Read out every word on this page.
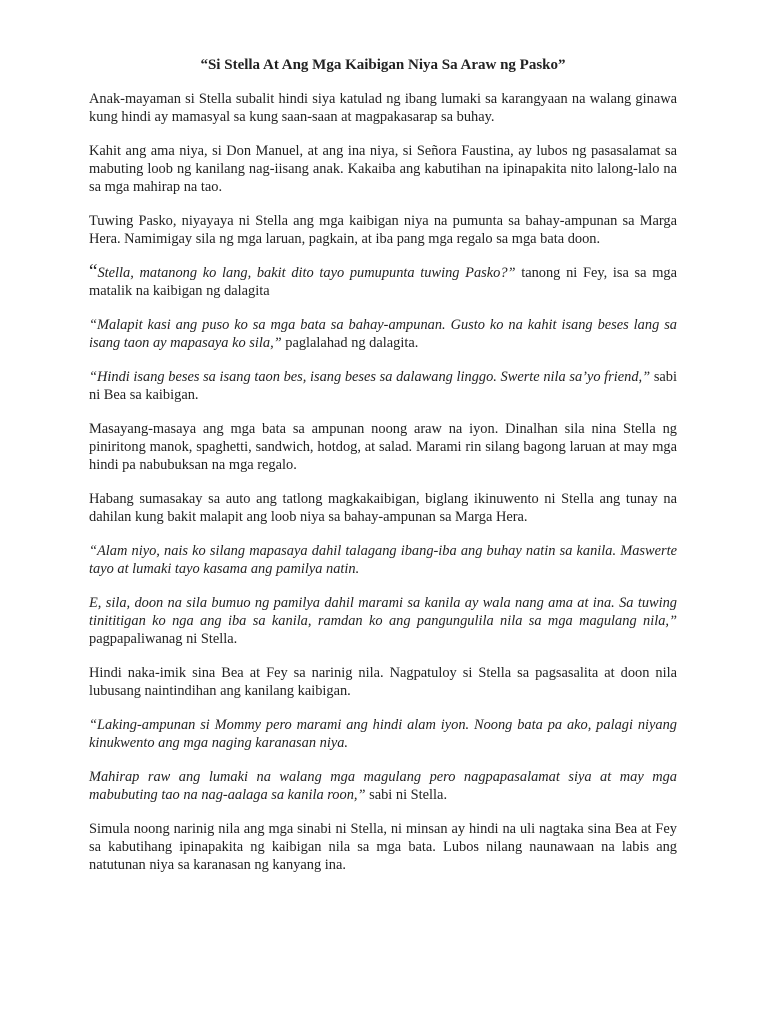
“Si Stella At Ang Mga Kaibigan Niya Sa Araw ng Pasko”

Anak-mayaman si Stella subalit hindi siya katulad ng ibang lumaki sa karangyaan na walang ginawa kung hindi ay mamasyal sa kung saan-saan at magpakasarap sa buhay.

Kahit ang ama niya, si Don Manuel, at ang ina niya, si Señora Faustina, ay lubos ng pasasalamat sa mabuting loob ng kanilang nag-iisang anak. Kakaiba ang kabutihan na ipinapakita nito lalong-lalo na sa mga mahirap na tao.

Tuwing Pasko, niyayaya ni Stella ang mga kaibigan niya na pumunta sa bahay-ampunan sa Marga Hera. Namimigay sila ng mga laruan, pagkain, at iba pang mga regalo sa mga bata doon.

“Stella, matanong ko lang, bakit dito tayo pumupunta tuwing Pasko?” tanong ni Fey, isa sa mga matalik na kaibigan ng dalagita

“Malapit kasi ang puso ko sa mga bata sa bahay-ampunan. Gusto ko na kahit isang beses lang sa isang taon ay mapasaya ko sila,” paglalahad ng dalagita.

“Hindi isang beses sa isang taon bes, isang beses sa dalawang linggo. Swerte nila sa’yo friend,” sabi ni Bea sa kaibigan.

Masayang-masaya ang mga bata sa ampunan noong araw na iyon. Dinalhan sila nina Stella ng piniritong manok, spaghetti, sandwich, hotdog, at salad. Marami rin silang bagong laruan at may mga hindi pa nabubuksan na mga regalo.

Habang sumasakay sa auto ang tatlong magkakaibigan, biglang ikinuwento ni Stella ang tunay na dahilan kung bakit malapit ang loob niya sa bahay-ampunan sa Marga Hera.

“Alam niyo, nais ko silang mapasaya dahil talagang ibang-iba ang buhay natin sa kanila. Maswerte tayo at lumaki tayo kasama ang pamilya natin.

E, sila, doon na sila bumuo ng pamilya dahil marami sa kanila ay wala nang ama at ina. Sa tuwing tinititigan ko nga ang iba sa kanila, ramdan ko ang pangungulila nila sa mga magulang nila,” pagpapaliwanag ni Stella.

Hindi naka-imik sina Bea at Fey sa narinig nila. Nagpatuloy si Stella sa pagsasalita at doon nila lubusang naintindihan ang kanilang kaibigan.

“Laking-ampunan si Mommy pero marami ang hindi alam iyon. Noong bata pa ako, palagi niyang kinukwento ang mga naging karanasan niya.

Mahirap raw ang lumaki na walang mga magulang pero nagpapasalamat siya at may mga mabubuting tao na nag-aalaga sa kanila roon,” sabi ni Stella.

Simula noong narinig nila ang mga sinabi ni Stella, ni minsan ay hindi na uli nagtaka sina Bea at Fey sa kabutihang ipinapakita ng kaibigan nila sa mga bata. Lubos nilang naunawaan na labis ang natutunan niya sa karanasan ng kanyang ina.
